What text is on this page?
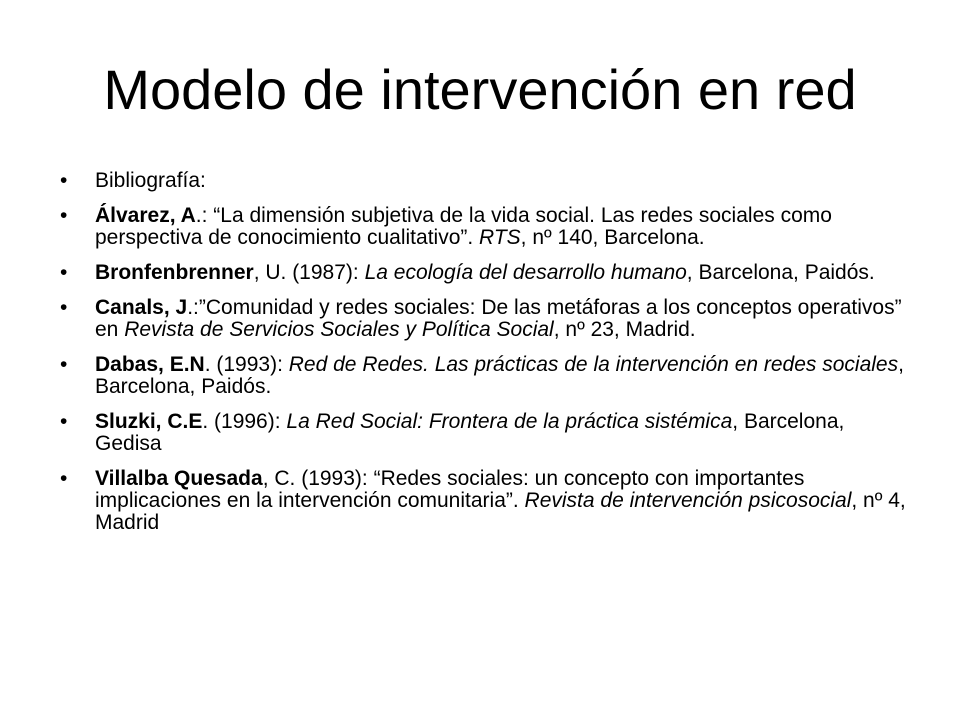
Modelo de intervención en red
• Bibliografía:
• Álvarez, A.: “La dimensión subjetiva de la vida social. Las redes sociales como perspectiva de conocimiento cualitativo”. RTS, nº 140, Barcelona.
• Bronfenbrenner, U. (1987): La ecología del desarrollo humano, Barcelona, Paidós.
• Canals, J.:”Comunidad y redes sociales: De las metáforas a los conceptos operativos” en Revista de Servicios Sociales y Política Social, nº 23, Madrid.
• Dabas, E.N. (1993): Red de Redes. Las prácticas de la intervención en redes sociales, Barcelona, Paidós.
• Sluzki, C.E. (1996): La Red Social: Frontera de la práctica sistémica, Barcelona, Gedisa
• Villalba Quesada, C. (1993): “Redes sociales: un concepto con importantes implicaciones en la intervención comunitaria”. Revista de intervención psicosocial, nº 4, Madrid
